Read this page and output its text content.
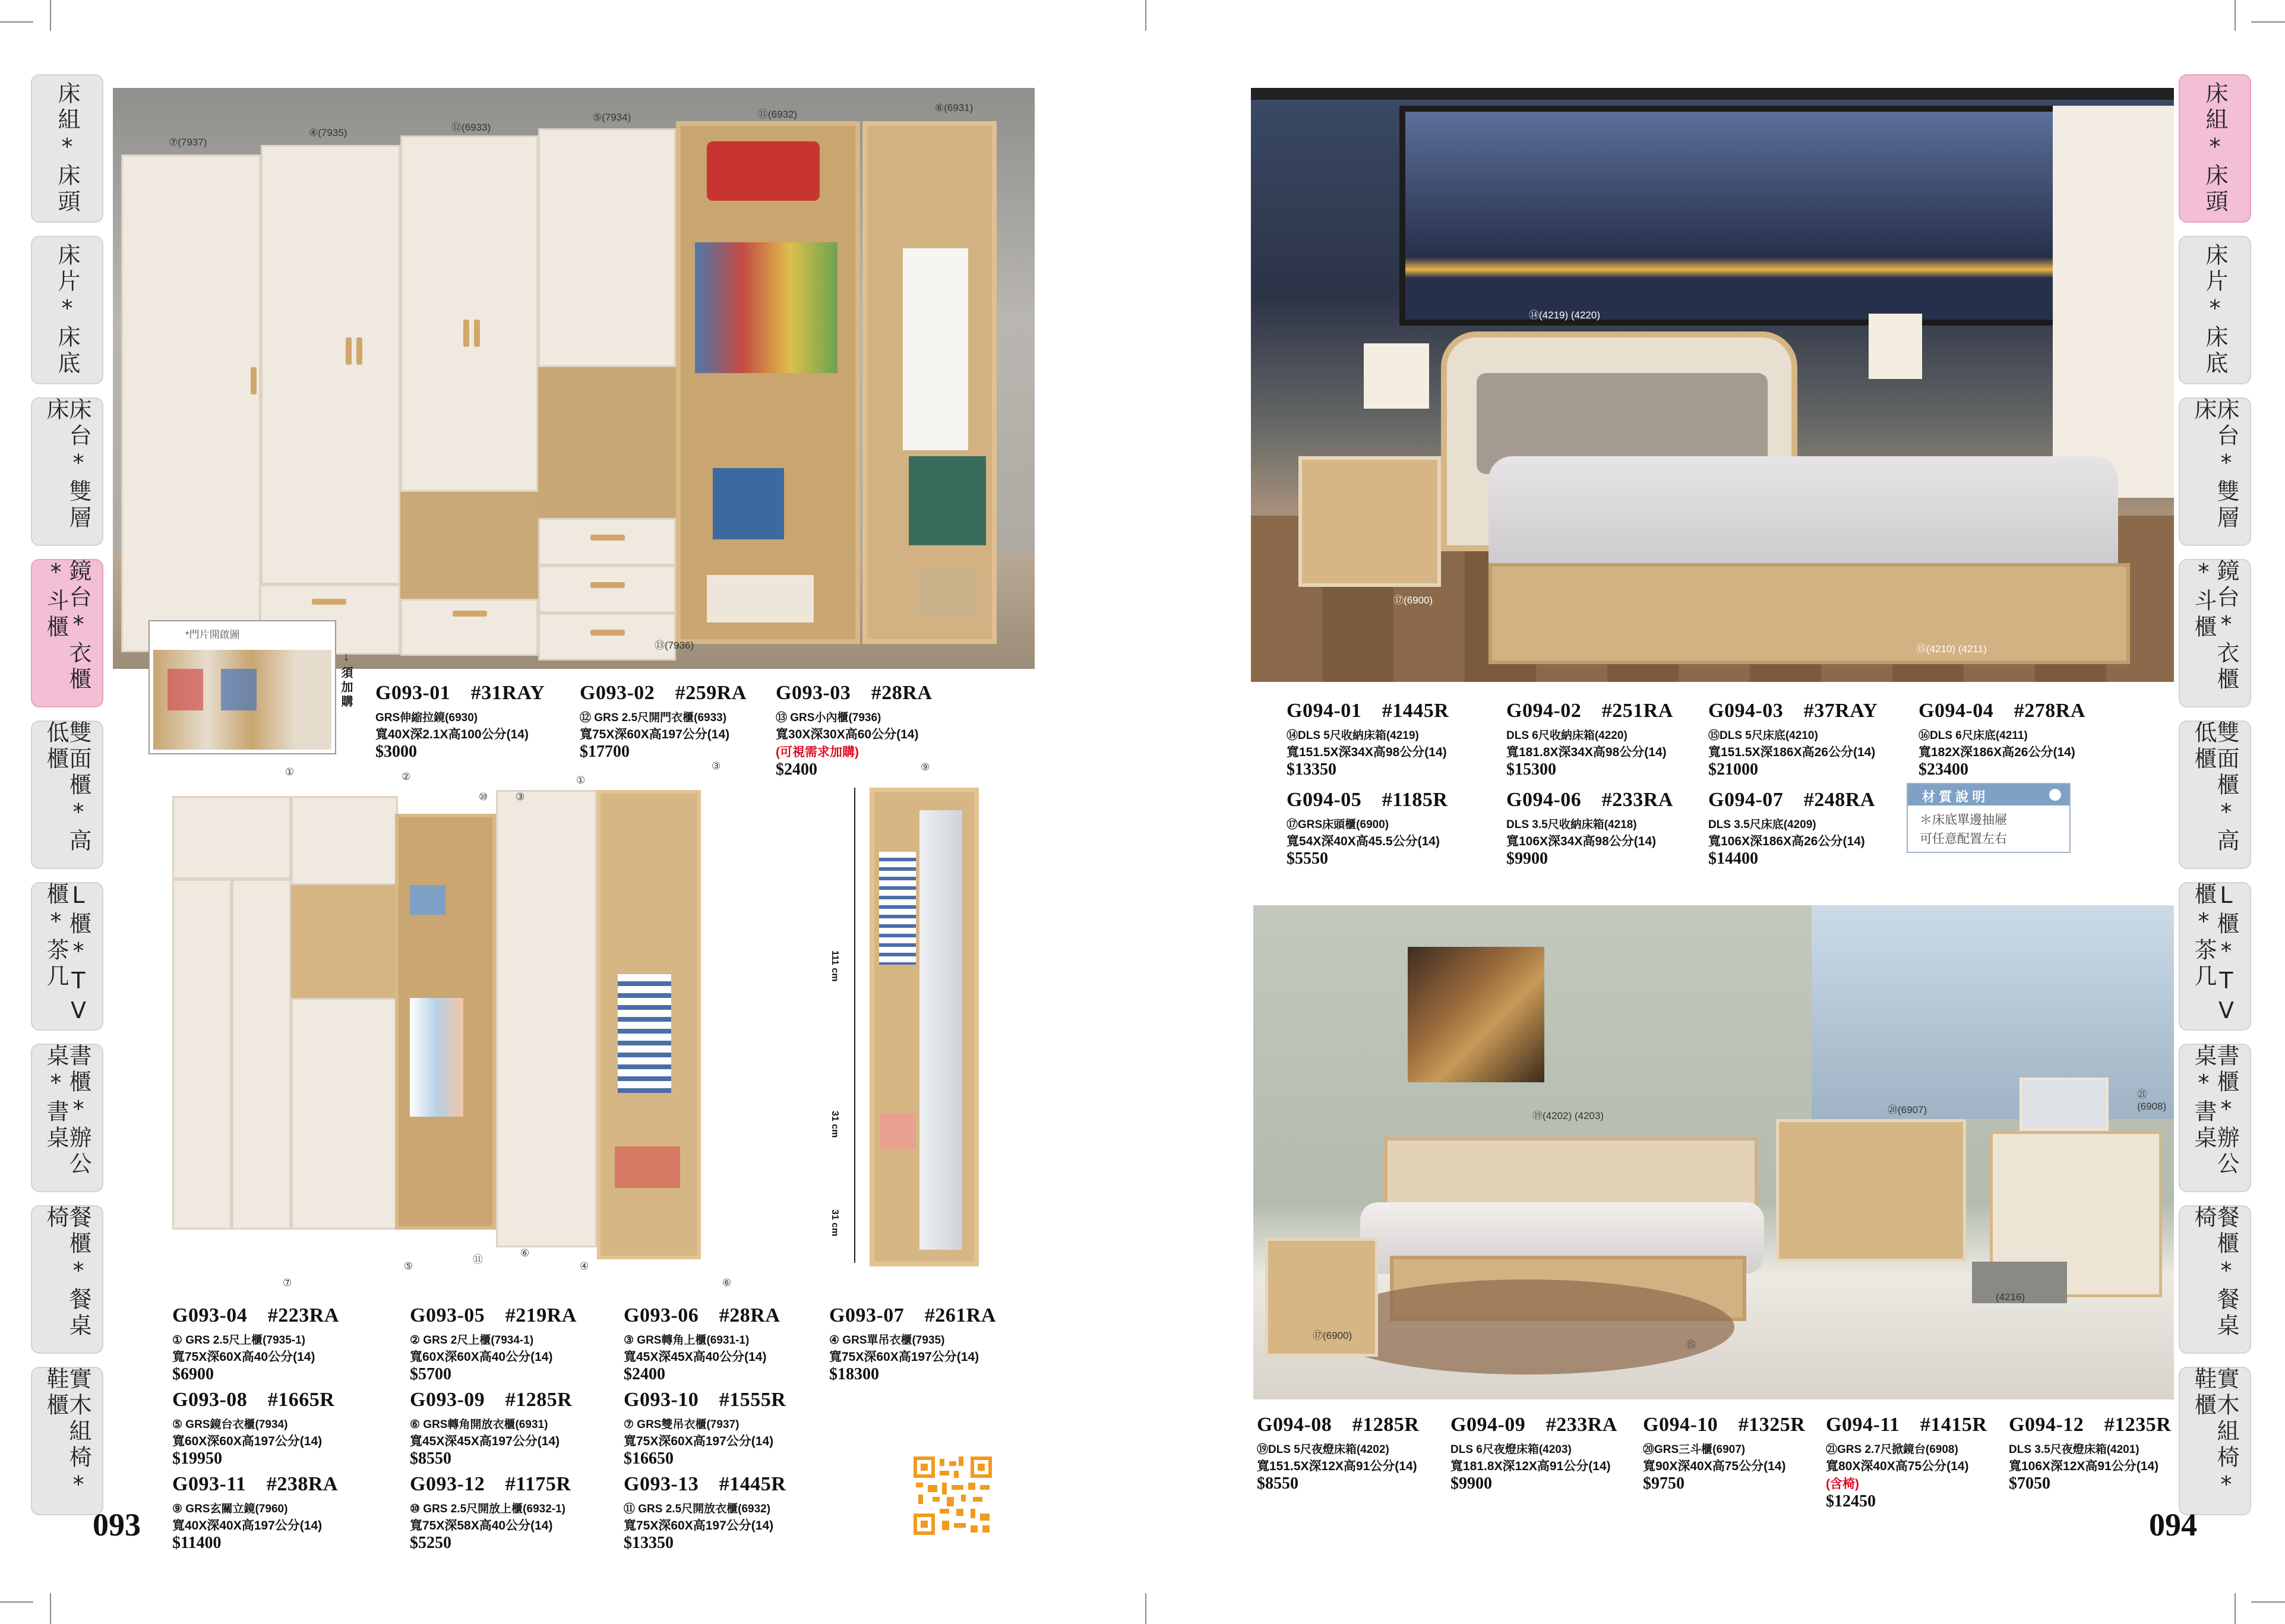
床組*床頭
床片*床底
床台*雙層床
鏡台*衣櫃*斗櫃
雙面櫃*高低櫃
L櫃*TV櫃*茶几
書櫃*辦公桌*書桌
餐櫃*餐桌椅
實木組椅*鞋櫃
床組*床頭
床片*床底
床台*雙層床
鏡台*衣櫃*斗櫃
雙面櫃*高低櫃
L櫃*TV櫃*茶几
書櫃*辦公桌*書桌
餐櫃*餐桌椅
實木組椅*鞋櫃
⑦(7937)
④(7935)	⑫(6933)
⑤(7934)	⑪(6932)
⑥(6931)
⑬(7936)
*門片開啟圖
須加購
↓
G093-01　#31RAY
GRS伸縮拉鏡(6930)
寬40X深2.1X高100公分(14)
$3000
G093-02　#259RA
⑫ GRS 2.5尺開門衣櫃(6933)
寬75X深60X高197公分(14)
$17700
G093-03　#28RA
⑬ GRS小內櫃(7936)
寬30X深30X高60公分(14)
(可視需求加購)
$2400
①	②
⑩	③
①
③	⑨
⑤
⑪
⑥
④
⑦	⑥
111 cm
31 cm
31 cm
G093-04　#223RA
① GRS 2.5尺上櫃(7935-1)
寬75X深60X高40公分(14)
$6900
G093-05　#219RA
② GRS 2尺上櫃(7934-1)
寬60X深60X高40公分(14)
$5700
G093-06　#28RA
③ GRS轉角上櫃(6931-1)
寬45X深45X高40公分(14)
$2400
G093-07　#261RA
④ GRS單吊衣櫃(7935)
寬75X深60X高197公分(14)
$18300
G093-08　#1665R
⑤ GRS鏡台衣櫃(7934)
寬60X深60X高197公分(14)
$19950
G093-09　#1285R
⑥ GRS轉角開放衣櫃(6931)
寬45X深45X高197公分(14)
$8550
G093-10　#1555R
⑦ GRS雙吊衣櫃(7937)
寬75X深60X高197公分(14)
$16650
G093-11　#238RA
⑨ GRS玄關立鏡(7960)
寬40X深40X高197公分(14)
$11400
G093-12　#1175R
⑩ GRS 2.5尺開放上櫃(6932-1)
寬75X深58X高40公分(14)
$5250
G093-13　#1445R
⑪ GRS 2.5尺開放衣櫃(6932)
寬75X深60X高197公分(14)
$13350
093
⑭(4219) (4220)
⑰(6900)
⑮(4210) (4211)
G094-01　#1445R
⑭DLS 5尺收納床箱(4219)
寬151.5X深34X高98公分(14)
$13350
G094-02　#251RA
DLS 6尺收納床箱(4220)
寬181.8X深34X高98公分(14)
$15300
G094-03　#37RAY
⑮DLS 5尺床底(4210)
寬151.5X深186X高26公分(14)
$21000
G094-04　#278RA
⑯DLS 6尺床底(4211)
寬182X深186X高26公分(14)
$23400
G094-05　#1185R
⑰GRS床頭櫃(6900)
寬54X深40X高45.5公分(14)
$5550
G094-06　#233RA
DLS 3.5尺收納床箱(4218)
寬106X深34X高98公分(14)
$9900
G094-07　#248RA
DLS 3.5尺床底(4209)
寬106X深186X高26公分(14)
$14400
材 質 說 明
＊床底單邊抽屜
可任意配置左右
⑲(4202) (4203)
⑳(6907)
㉑ (6908)
(4216)
⑰(6900)
⑮
G094-08　#1285R
⑲DLS 5尺夜燈床箱(4202)
寬151.5X深12X高91公分(14)
$8550
G094-09　#233RA
DLS 6尺夜燈床箱(4203)
寬181.8X深12X高91公分(14)
$9900
G094-10　#1325R
⑳GRS三斗櫃(6907)
寬90X深40X高75公分(14)
$9750
G094-11　#1415R
㉑GRS 2.7尺掀鏡台(6908)
寬80X深40X高75公分(14)
(含椅)
$12450
G094-12　#1235R
DLS 3.5尺夜燈床箱(4201)
寬106X深12X高91公分(14)
$7050
094
